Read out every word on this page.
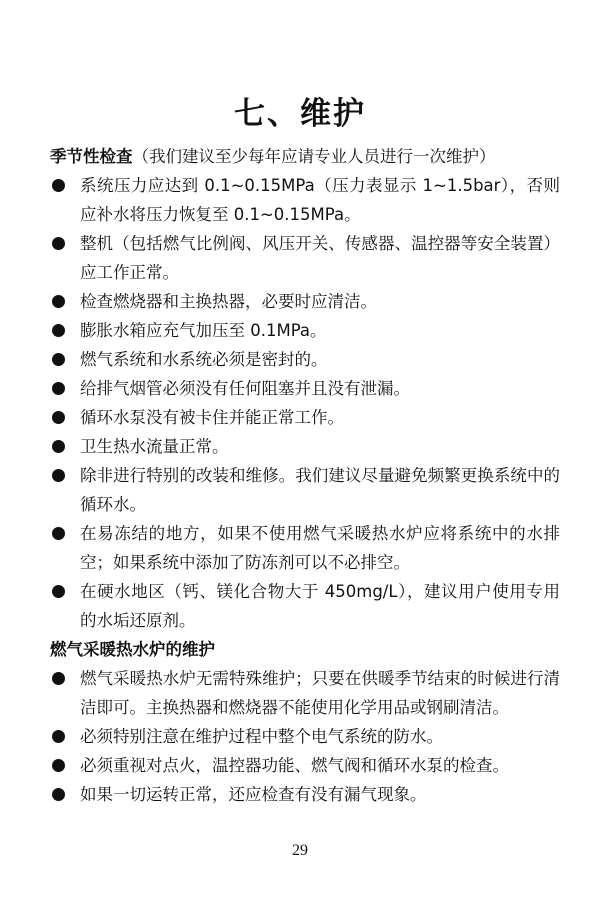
七、维护
季节性检查（我们建议至少每年应请专业人员进行一次维护）
系统压力应达到 0.1~0.15MPa（压力表显示 1~1.5bar），否则应补水将压力恢复至 0.1~0.15MPa。
整机（包括燃气比例阀、风压开关、传感器、温控器等安全装置）应工作正常。
检查燃烧器和主换热器，必要时应清洁。
膨胀水箱应充气加压至 0.1MPa。
燃气系统和水系统必须是密封的。
给排气烟管必须没有任何阻塞并且没有泄漏。
循环水泵没有被卡住并能正常工作。
卫生热水流量正常。
除非进行特别的改装和维修。我们建议尽量避免频繁更换系统中的循环水。
在易冻结的地方，如果不使用燃气采暖热水炉应将系统中的水排空；如果系统中添加了防冻剂可以不必排空。
在硬水地区（钙、镁化合物大于 450mg/L），建议用户使用专用的水垢还原剂。
燃气采暖热水炉的维护
燃气采暖热水炉无需特殊维护；只要在供暖季节结束的时候进行清洁即可。主换热器和燃烧器不能使用化学用品或钢刷清洁。
必须特别注意在维护过程中整个电气系统的防水。
必须重视对点火，温控器功能、燃气阀和循环水泵的检查。
如果一切运转正常，还应检查有没有漏气现象。
29
